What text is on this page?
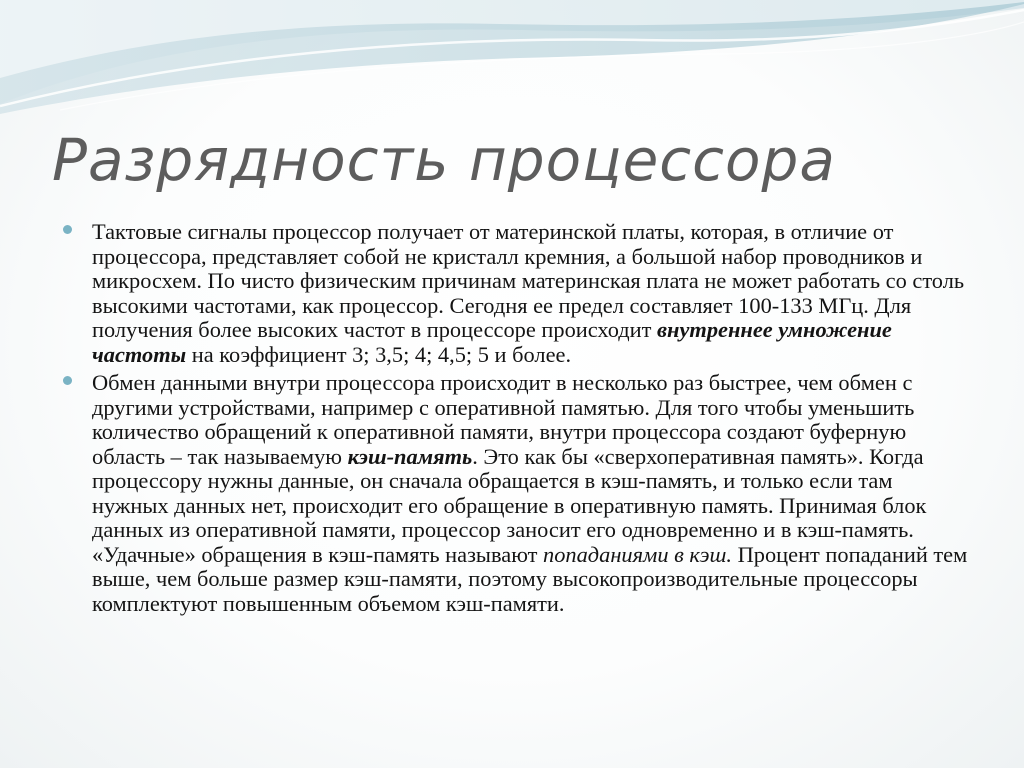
Разрядность процессора
Тактовые сигналы процессор получает от материнской платы, которая, в отличие от процессора, представляет собой не кристалл кремния, а большой набор проводников и микросхем. По чисто физическим причинам материнская плата не может работать со столь высокими частотами, как процессор. Сегодня ее предел составляет 100-133 МГц. Для получения более высоких частот в процессоре происходит внутреннее умножение частоты на коэффициент 3; 3,5; 4; 4,5; 5 и более.
Обмен данными внутри процессора происходит в несколько раз быстрее, чем обмен с другими устройствами, например с оперативной памятью. Для того чтобы уменьшить количество обращений к оперативной памяти, внутри процессора создают буферную область – так называемую кэш-память. Это как бы «сверхоперативная память». Когда процессору нужны данные, он сначала обращается в кэш-память, и только если там нужных данных нет, происходит его обращение в оперативную память. Принимая блок данных из оперативной памяти, процессор заносит его одновременно и в кэш-память. «Удачные» обращения в кэш-память называют попаданиями в кэш. Процент попаданий тем выше, чем больше размер кэш-памяти, поэтому высокопроизводительные процессоры комплектуют повышенным объемом кэш-памяти.
